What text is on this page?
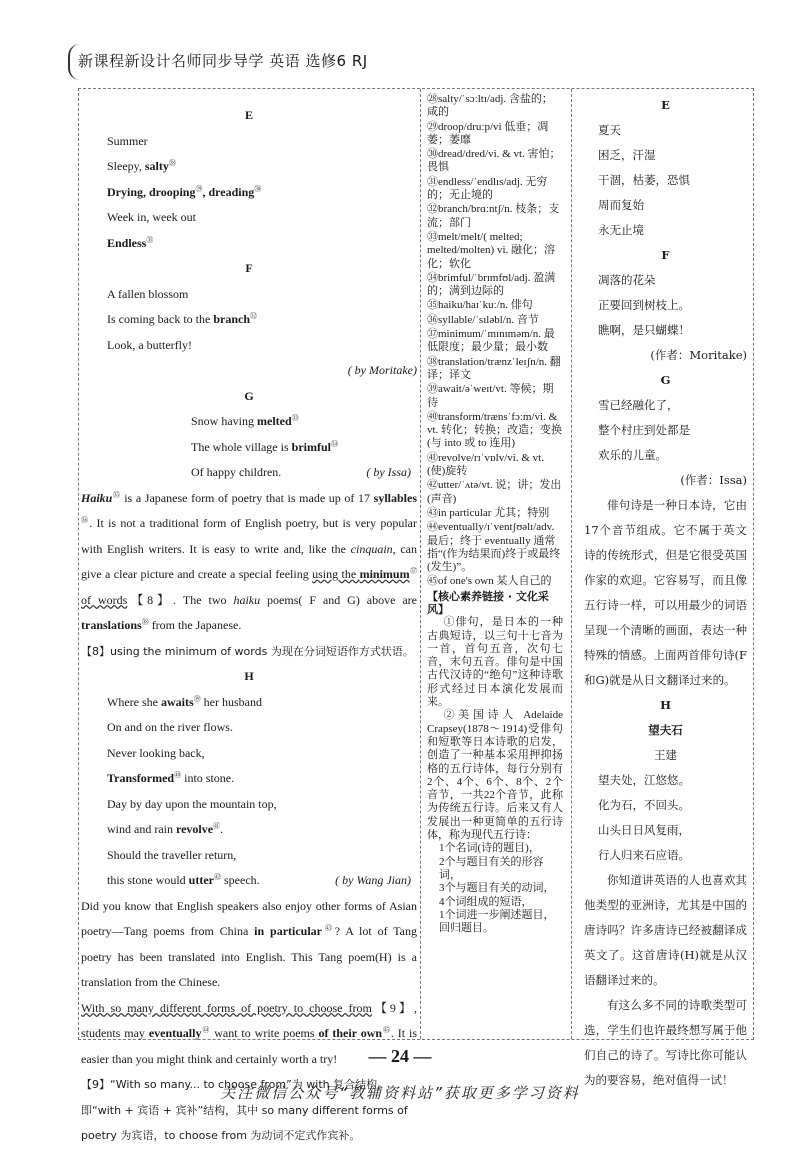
新课程新设计名师同步导学 英语 选修6 RJ
E
Summer
Sleepy, salty$^㉘$
Drying, drooping$^㉙$, dreading$^㉚$
Week in, week out
Endless$^㉛$
F
A fallen blossom
Is coming back to the branch$^㉜$
Look, a butterfly!
( by Moritake)
G
Snow having melted$^㉝$
The whole village is brimful$^㉞$
Of happy children.	( by Issa)
Haiku$^㉟$ is a Japanese form of poetry that is made up of 17 syllables$^㊱$. It is not a traditional form of English poetry, but is very popular with English writers. It is easy to write and, like the cinquain, can give a clear picture and create a special feeling using the minimum$^㊲$ of words【8】. The two haiku poems( F and G) above are translations$^㊳$ from the Japanese.
【8】using the minimum of words 为现在分词短语作方式状语。
H
Where she awaits$^㊴$ her husband
On and on the river flows.
Never looking back,
Transformed$^㊵$ into stone.
Day by day upon the mountain top,
wind and rain revolve$^㊶$.
Should the traveller return,
this stone would utter$^㊷$ speech.	( by Wang Jian)
Did you know that English speakers also enjoy other forms of Asian poetry—Tang poems from China in particular$^㊸$? A lot of Tang poetry has been translated into English. This Tang poem(H) is a translation from the Chinese.
With so many different forms of poetry to choose from【9】, students may eventually$^㊹$ want to write poems of their own$^㊺$. It is easier than you might think and certainly worth a try!
【9】“With so many... to choose from”为 with 复合结构，即“with + 宾语 + 宾补”结构，其中 so many different forms of poetry 为宾语，to choose from 为动词不定式作宾补。
㉘salty/ˈsɔːltɪ/adj. 含盐的；咸的
㉙droop/druːp/vi 低垂；凋萎；萎靡
㉚dread/dred/vi. & vt. 害怕；畏惧
㉛endless/ˈendlɪs/adj. 无穷的；无止境的
㉜branch/brɑːntʃ/n. 枝条；支流；部门
㉝melt/melt/( melted; melted/molten) vi. 融化；溶化；软化
㉞brimful/ˈbrɪmfʊl/adj. 盈满的；满到边际的
㉟haiku/haɪˈkuː/n. 俳句
㊱syllable/ˈsɪləbl/n. 音节
㊲minimum/ˈmɪnɪməm/n. 最低限度；最少量；最小数
㊳translation/trænzˈleɪʃn/n. 翻译；译文
㊴await/əˈweɪt/vt. 等候；期待
㊵transform/trænsˈfɔːm/vi. & vt. 转化；转换；改造；变换(与 into 或 to 连用)
㊶revolve/rɪˈvɒlv/vi. & vt. (使)旋转
㊷utter/ˈʌtə/vt. 说；讲；发出(声音)
㊸in particular 尤其；特别
㊹eventually/ɪˈventʃʊəlɪ/adv. 最后；终于 eventually 通常指“(作为结果而)终于或最终(发生)”。
㊺of one's own 某人自己的
【核心素养链接 · 文化采风】
①俳句，是日本的一种古典短诗，以三句十七音为一首，首句五音，次句七音，末句五音。俳句是中国古代汉诗的“绝句”这种诗歌形式经过日本演化发展而来。
②美国诗人 Adelaide Crapsey(1878～1914)受俳句和短歌等日本诗歌的启发，创造了一种基本采用押抑扬格的五行诗体，每行分别有2个、4个、6个、8个、2个音节，一共22个音节，此称为传统五行诗。后来又有人发展出一种更简单的五行诗体，称为现代五行诗：
1个名词(诗的题目)，
2个与题目有关的形容词，
3个与题目有关的动词，
4个词组成的短语，
1个词进一步阐述题目，回归题目。
E
夏天
困乏，汗湿
干涸，枯萎，恐惧
周而复始
永无止境
F
凋落的花朵
正要回到树枝上。
瞧啊，是只蝴蝶！
(作者：Moritake)
G
雪已经融化了，
整个村庄到处都是
欢乐的儿童。
(作者：Issa)
俳句诗是一种日本诗，它由17个音节组成。它不属于英文诗的传统形式，但是它很受英国作家的欢迎。它容易写，而且像五行诗一样，可以用最少的词语呈现一个清晰的画面，表达一种特殊的情感。上面两首俳句诗(F和G)就是从日文翻译过来的。
H
望夫石
王建
望夫处，江悠悠。
化为石，不回头。
山头日日风复雨，
行人归来石应语。
你知道讲英语的人也喜欢其他类型的亚洲诗，尤其是中国的唐诗吗？许多唐诗已经被翻译成英文了。这首唐诗(H)就是从汉语翻译过来的。
有这么多不同的诗歌类型可选，学生们也许最终想写属于他们自己的诗了。写诗比你可能认为的要容易，绝对值得一试！
— 24 —
关注微信公众号“教辅资料站”获取更多学习资料
